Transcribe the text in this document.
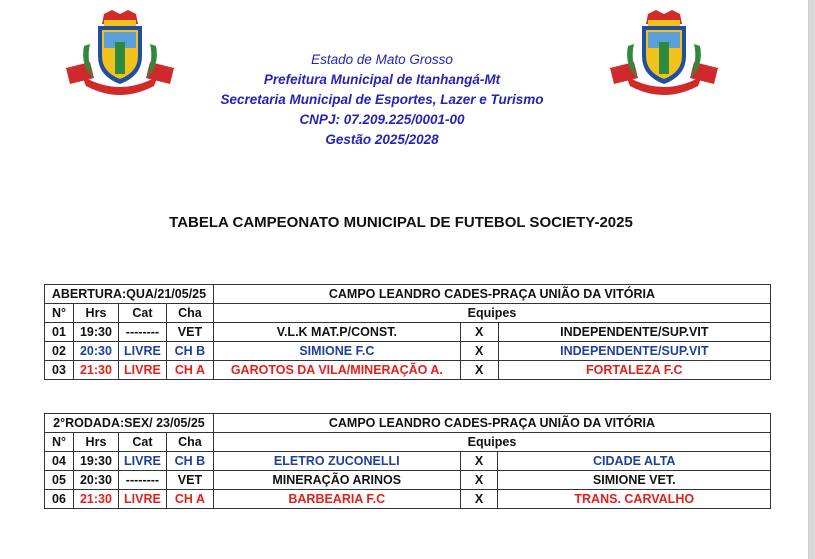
Estado de Mato Grosso
Prefeitura Municipal de Itanhangá-Mt
Secretaria Municipal de Esportes, Lazer e Turismo
CNPJ: 07.209.225/0001-00
Gestão 2025/2028
TABELA CAMPEONATO MUNICIPAL DE FUTEBOL SOCIETY-2025
ABERTURA:QUA/21/05/25				CAMPO LEANDRO CADES-PRAÇA UNIÃO DA VITÓRIA		
N°	Hrs	Cat	Cha	Equipes		
01	19:30	--------	VET	V.L.K MAT.P/CONST.	X	INDEPENDENTE/SUP.VIT
02	20:30	LIVRE	CH B	SIMIONE F.C	X	INDEPENDENTE/SUP.VIT
03	21:30	LIVRE	CH A	GAROTOS DA VILA/MINERAÇÃO A.	X	FORTALEZA F.C
2°RODADA:SEX/ 23/05/25				CAMPO LEANDRO CADES-PRAÇA UNIÃO DA VITÓRIA		
N°	Hrs	Cat	Cha	Equipes		
04	19:30	LIVRE	CH B	ELETRO ZUCONELLI	X	CIDADE ALTA
05	20:30	--------	VET	MINERAÇÃO ARINOS	X	SIMIONE VET.
06	21:30	LIVRE	CH A	BARBEARIA F.C	X	TRANS. CARVALHO
